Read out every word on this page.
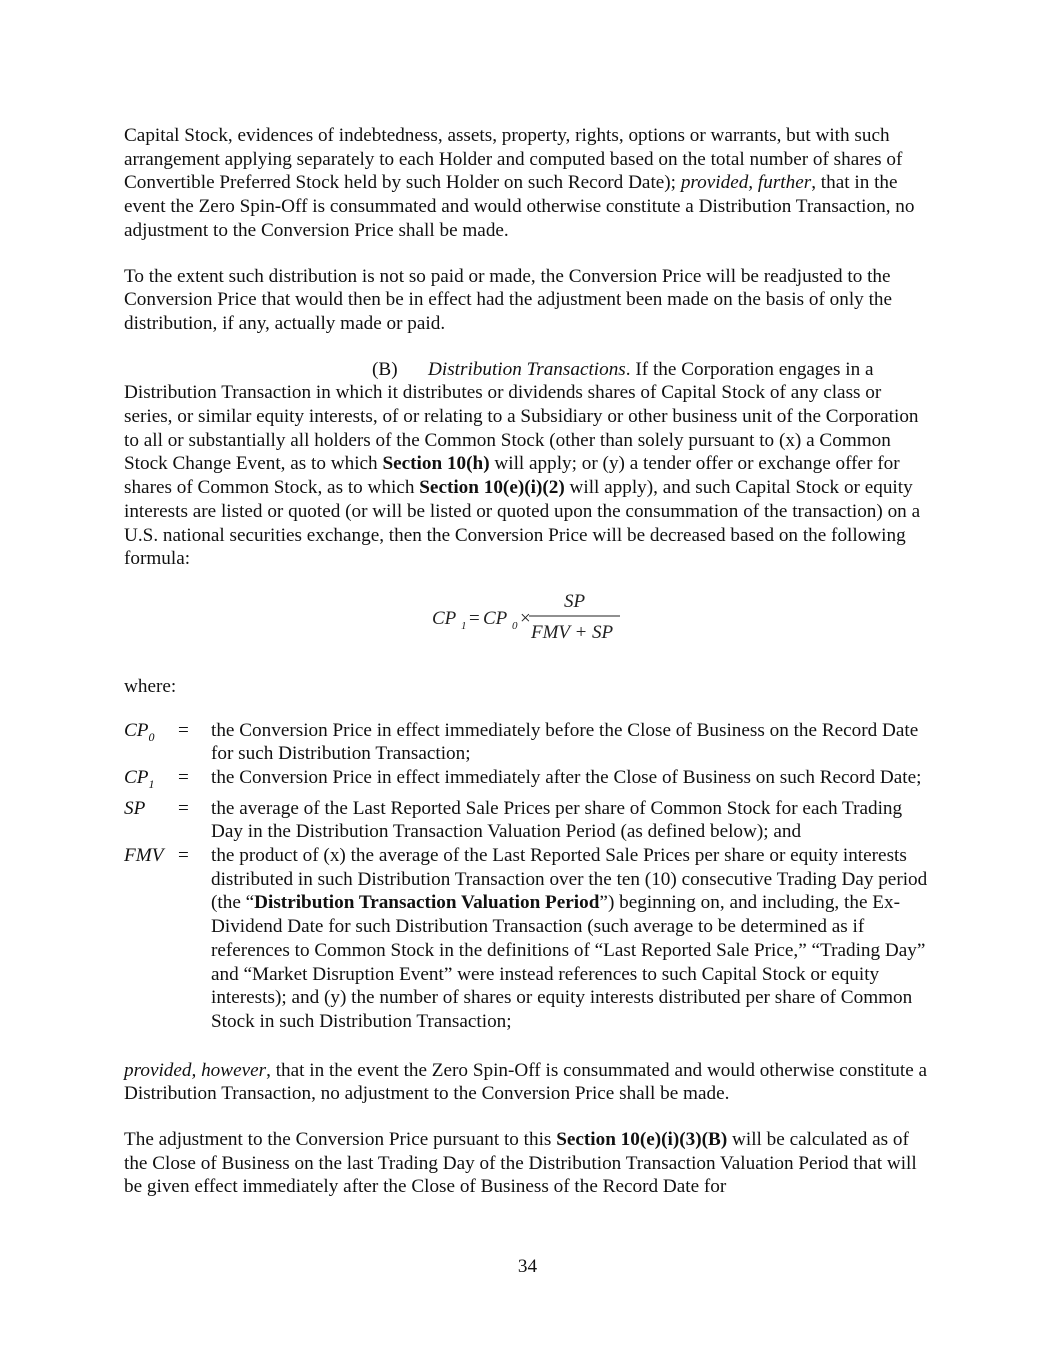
Capital Stock, evidences of indebtedness, assets, property, rights, options or warrants, but with such arrangement applying separately to each Holder and computed based on the total number of shares of Convertible Preferred Stock held by such Holder on such Record Date); provided, further, that in the event the Zero Spin-Off is consummated and would otherwise constitute a Distribution Transaction, no adjustment to the Conversion Price shall be made.

To the extent such distribution is not so paid or made, the Conversion Price will be readjusted to the Conversion Price that would then be in effect had the adjustment been made on the basis of only the distribution, if any, actually made or paid.

(B) Distribution Transactions. If the Corporation engages in a Distribution Transaction in which it distributes or dividends shares of Capital Stock of any class or series, or similar equity interests, of or relating to a Subsidiary or other business unit of the Corporation to all or substantially all holders of the Common Stock (other than solely pursuant to (x) a Common Stock Change Event, as to which Section 10(h) will apply; or (y) a tender offer or exchange offer for shares of Common Stock, as to which Section 10(e)(i)(2) will apply), and such Capital Stock or equity interests are listed or quoted (or will be listed or quoted upon the consummation of the transaction) on a U.S. national securities exchange, then the Conversion Price will be decreased based on the following formula:

CP 1 = CP 0 ×
SP
FMV + SP

where:

$CP_0$	=	the Conversion Price in effect immediately before the Close of Business on the Record Date for such Distribution Transaction;
$CP_1$	=	the Conversion Price in effect immediately after the Close of Business on such Record Date;
SP	=	the average of the Last Reported Sale Prices per share of Common Stock for each Trading Day in the Distribution Transaction Valuation Period (as defined below); and
FMV	=	the product of (x) the average of the Last Reported Sale Prices per share or equity interests distributed in such Distribution Transaction over the ten (10) consecutive Trading Day period (the “Distribution Transaction Valuation Period”) beginning on, and including, the Ex-Dividend Date for such Distribution Transaction (such average to be determined as if references to Common Stock in the definitions of “Last Reported Sale Price,” “Trading Day” and “Market Disruption Event” were instead references to such Capital Stock or equity interests); and (y) the number of shares or equity interests distributed per share of Common Stock in such Distribution Transaction;

provided, however, that in the event the Zero Spin-Off is consummated and would otherwise constitute a Distribution Transaction, no adjustment to the Conversion Price shall be made.

The adjustment to the Conversion Price pursuant to this Section 10(e)(i)(3)(B) will be calculated as of the Close of Business on the last Trading Day of the Distribution Transaction Valuation Period that will be given effect immediately after the Close of Business of the Record Date for

34
